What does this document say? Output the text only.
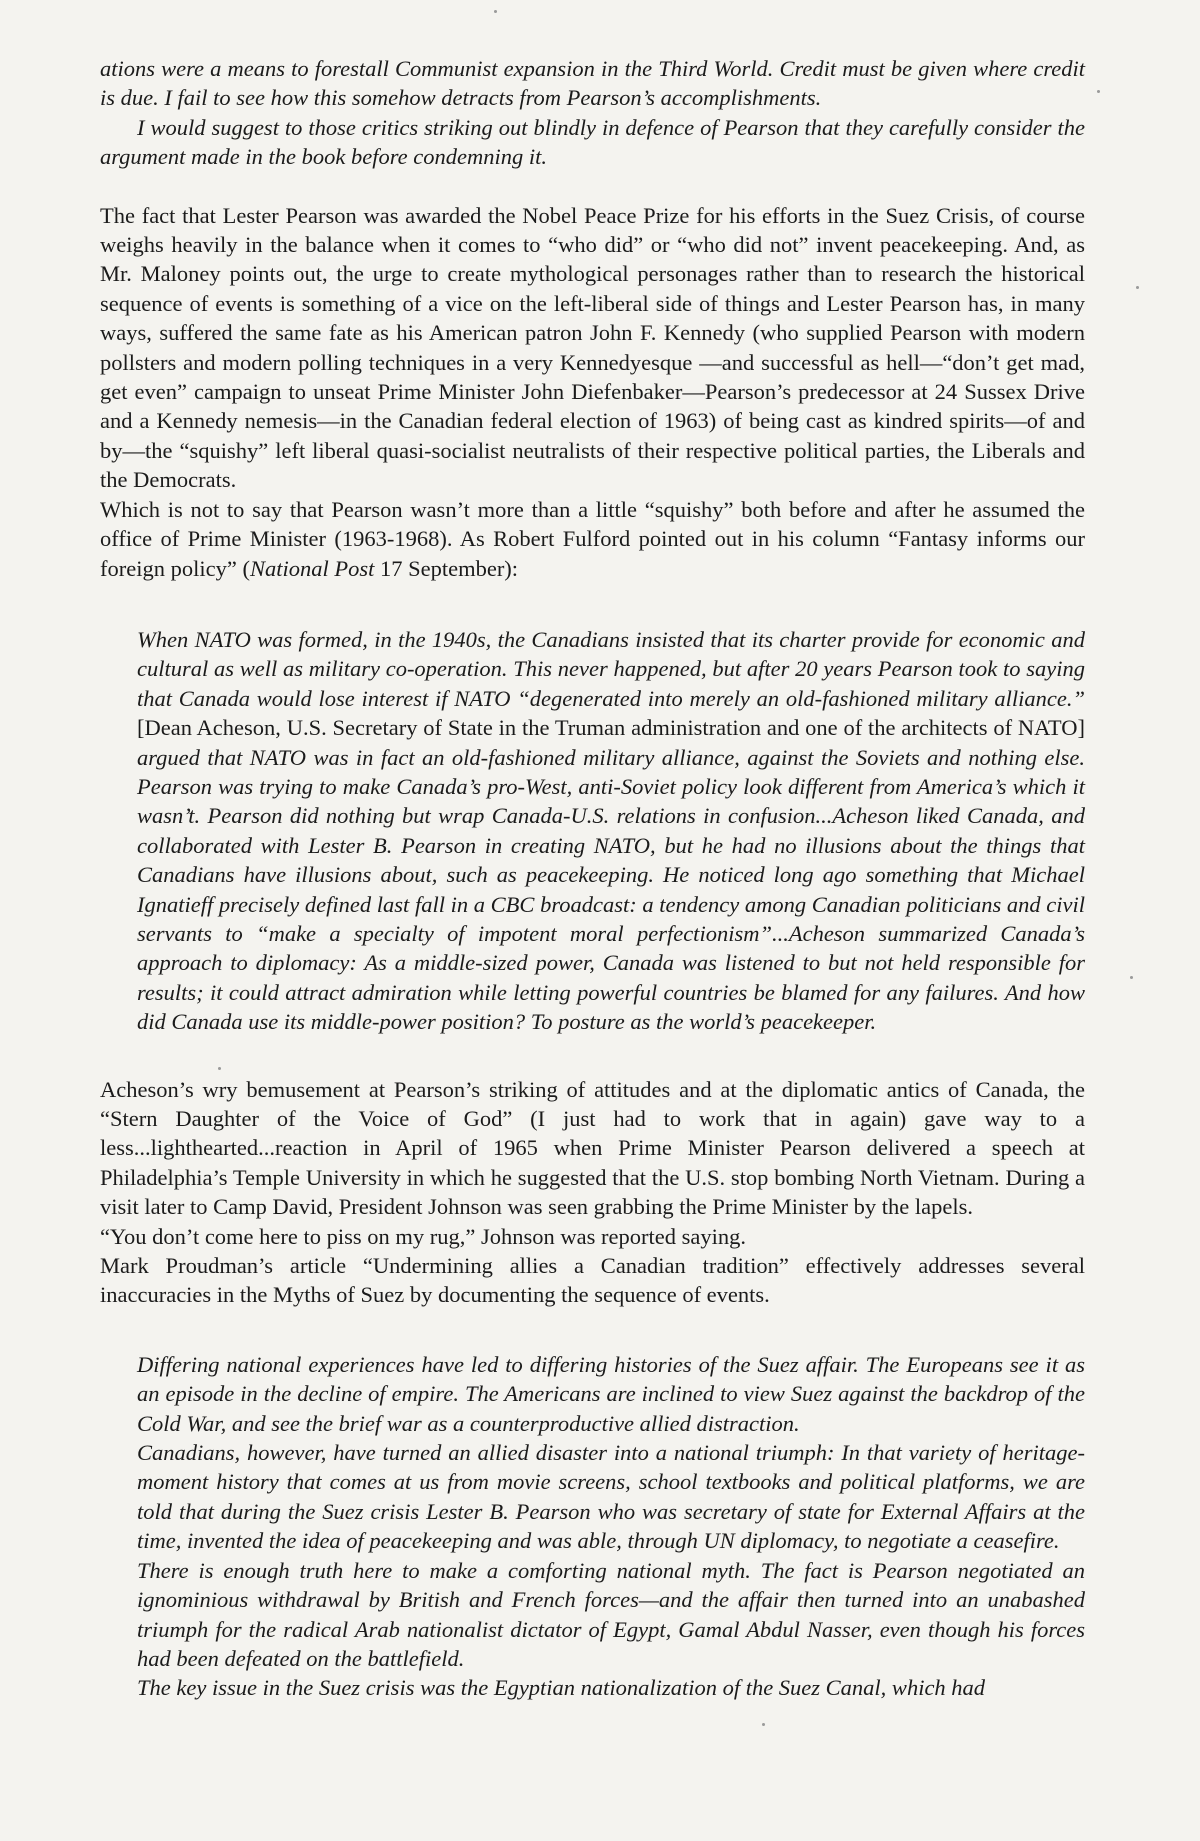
ations were a means to forestall Communist expansion in the Third World. Credit must be given where credit is due. I fail to see how this somehow detracts from Pearson’s accomplishments.

I would suggest to those critics striking out blindly in defence of Pearson that they carefully consider the argument made in the book before condemning it.

The fact that Lester Pearson was awarded the Nobel Peace Prize for his efforts in the Suez Crisis, of course weighs heavily in the balance when it comes to “who did” or “who did not” invent peacekeeping. And, as Mr. Maloney points out, the urge to create mythological personages rather than to research the historical sequence of events is something of a vice on the left-liberal side of things and Lester Pearson has, in many ways, suffered the same fate as his American patron John F. Kennedy (who supplied Pearson with modern pollsters and modern polling techniques in a very Kennedyesque —and successful as hell—“don’t get mad, get even” campaign to unseat Prime Minister John Diefenbaker—Pearson’s predecessor at 24 Sussex Drive and a Kennedy nemesis—in the Canadian federal election of 1963) of being cast as kindred spirits—of and by—the “squishy” left liberal quasi-socialist neutralists of their respective political parties, the Liberals and the Democrats.

Which is not to say that Pearson wasn’t more than a little “squishy” both before and after he assumed the office of Prime Minister (1963-1968). As Robert Fulford pointed out in his column “Fantasy informs our foreign policy” (National Post 17 September):

When NATO was formed, in the 1940s, the Canadians insisted that its charter provide for economic and cultural as well as military co-operation. This never happened, but after 20 years Pearson took to saying that Canada would lose interest if NATO “degenerated into merely an old-fashioned military alliance.” [Dean Acheson, U.S. Secretary of State in the Truman administration and one of the architects of NATO] argued that NATO was in fact an old-fashioned military alliance, against the Soviets and nothing else. Pearson was trying to make Canada’s pro-West, anti-Soviet policy look different from America’s which it wasn’t. Pearson did nothing but wrap Canada-U.S. relations in confusion...Acheson liked Canada, and collaborated with Lester B. Pearson in creating NATO, but he had no illusions about the things that Canadians have illusions about, such as peacekeeping. He noticed long ago something that Michael Ignatieff precisely defined last fall in a CBC broadcast: a tendency among Canadian politicians and civil servants to “make a specialty of impotent moral perfectionism”...Acheson summarized Canada’s approach to diplomacy: As a middle-sized power, Canada was listened to but not held responsible for results; it could attract admiration while letting powerful countries be blamed for any failures. And how did Canada use its middle-power position? To posture as the world’s peacekeeper.

Acheson’s wry bemusement at Pearson’s striking of attitudes and at the diplomatic antics of Canada, the “Stern Daughter of the Voice of God” (I just had to work that in again) gave way to a less...lighthearted...reaction in April of 1965 when Prime Minister Pearson delivered a speech at Philadelphia’s Temple University in which he suggested that the U.S. stop bombing North Vietnam. During a visit later to Camp David, President Johnson was seen grabbing the Prime Minister by the lapels.

“You don’t come here to piss on my rug,” Johnson was reported saying.

Mark Proudman’s article “Undermining allies a Canadian tradition” effectively addresses several inaccuracies in the Myths of Suez by documenting the sequence of events.

Differing national experiences have led to differing histories of the Suez affair. The Europeans see it as an episode in the decline of empire. The Americans are inclined to view Suez against the backdrop of the Cold War, and see the brief war as a counterproductive allied distraction.

Canadians, however, have turned an allied disaster into a national triumph: In that variety of heritage-moment history that comes at us from movie screens, school textbooks and political platforms, we are told that during the Suez crisis Lester B. Pearson who was secretary of state for External Affairs at the time, invented the idea of peacekeeping and was able, through UN diplomacy, to negotiate a ceasefire.

There is enough truth here to make a comforting national myth. The fact is Pearson negotiated an ignominious withdrawal by British and French forces—and the affair then turned into an unabashed triumph for the radical Arab nationalist dictator of Egypt, Gamal Abdul Nasser, even though his forces had been defeated on the battlefield.

The key issue in the Suez crisis was the Egyptian nationalization of the Suez Canal, which had
